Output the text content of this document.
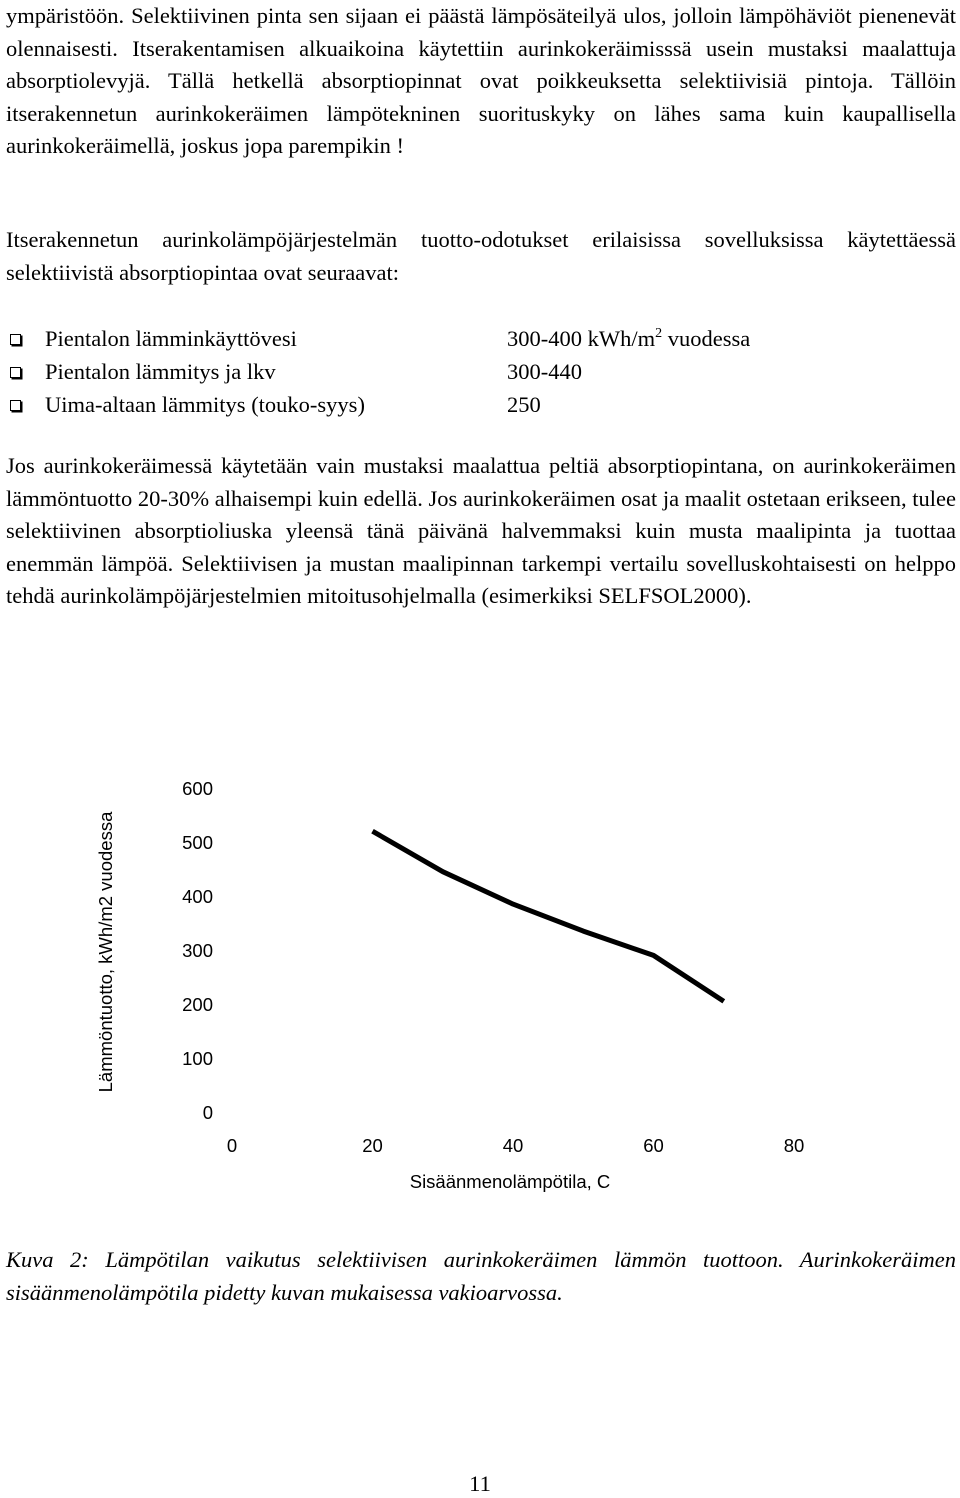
ympäristöön. Selektiivinen pinta sen sijaan ei päästä lämpösäteilyä ulos, jolloin lämpöhäviöt pienenevät olennaisesti. Itserakentamisen alkuaikoina käytettiin aurinkokeräimisssä usein mustaksi maalattuja absorptiolevyjä. Tällä hetkellä absorptiopinnat ovat poikkeuksetta selektiivisiä pintoja. Tällöin itserakennetun aurinkokeräimen lämpötekninen suorituskyky on lähes sama kuin kaupallisella aurinkokeräimellä, joskus jopa parempikin !

Itserakennetun aurinkolämpöjärjestelmän tuotto-odotukset erilaisissa sovelluksissa käytettäessä selektiivistä absorptiopintaa ovat seuraavat:

Pientalon lämminkäyttövesi	300-400 kWh/$m^2$ vuodessa
Pientalon lämmitys ja lkv	300-440
Uima-altaan lämmitys (touko-syys)	250

Jos aurinkokeräimessä käytetään vain mustaksi maalattua peltiä absorptiopintana, on aurinkokeräimen lämmöntuotto 20-30% alhaisempi kuin edellä. Jos aurinkokeräimen osat ja maalit ostetaan erikseen, tulee selektiivinen absorptioliuska yleensä tänä päivänä halvemmaksi kuin musta maalipinta ja tuottaa enemmän lämpöä. Selektiivisen ja mustan maalipinnan tarkempi vertailu sovelluskohtaisesti on helppo tehdä aurinkolämpöjärjestelmien mitoitusohjelmalla (esimerkiksi SELFSOL2000).

600
500
400
300
200
100
0
0	20	40	60	80
Lämmöntuotto, kWh/m2 vuodessa
Sisäänmenolämpötila, C

Kuva 2: Lämpötilan vaikutus selektiivisen aurinkokeräimen lämmön tuottoon. Aurinkokeräimen sisäänmenolämpötila pidetty kuvan mukaisessa vakioarvossa.

11
